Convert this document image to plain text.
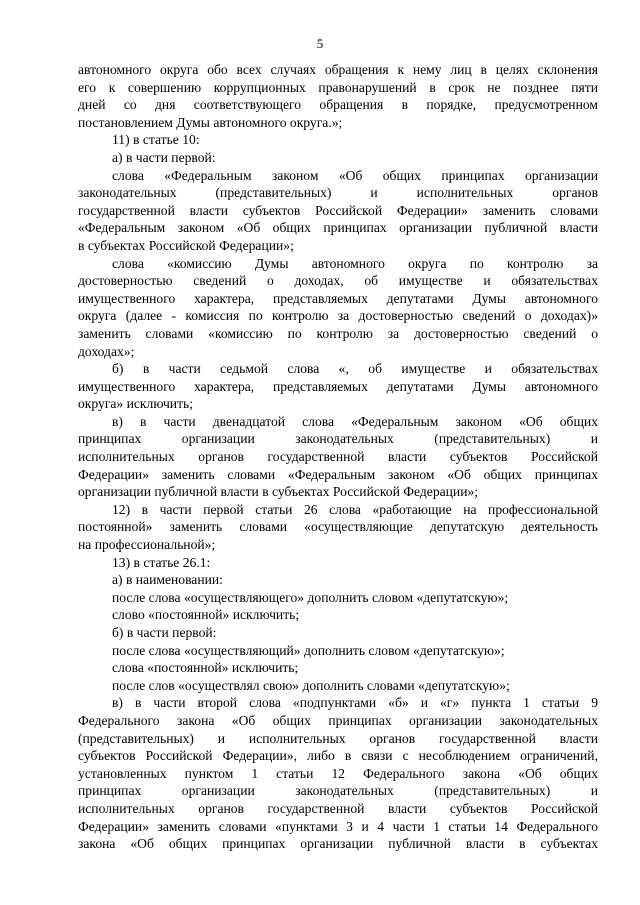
5
автономного округа обо всех случаях обращения к нему лиц в целях склонения
его к совершению коррупционных правонарушений в срок не позднее пяти
дней со дня соответствующего обращения в порядке, предусмотренном
постановлением Думы автономного округа.»;
11) в статье 10:
а) в части первой:
слова «Федеральным законом «Об общих принципах организации
законодательных (представительных) и исполнительных органов
государственной власти субъектов Российской Федерации» заменить словами
«Федеральным законом «Об общих принципах организации публичной власти
в субъектах Российской Федерации»;
слова «комиссию Думы автономного округа по контролю за
достоверностью сведений о доходах, об имуществе и обязательствах
имущественного характера, представляемых депутатами Думы автономного
округа (далее - комиссия по контролю за достоверностью сведений о доходах)»
заменить словами «комиссию по контролю за достоверностью сведений о
доходах»;
б) в части седьмой слова «, об имуществе и обязательствах
имущественного характера, представляемых депутатами Думы автономного
округа» исключить;
в) в части двенадцатой слова «Федеральным законом «Об общих
принципах организации законодательных (представительных) и
исполнительных органов государственной власти субъектов Российской
Федерации» заменить словами «Федеральным законом «Об общих принципах
организации публичной власти в субъектах Российской Федерации»;
12) в части первой статьи 26 слова «работающие на профессиональной
постоянной» заменить словами «осуществляющие депутатскую деятельность
на профессиональной»;
13) в статье 26.1:
а) в наименовании:
после слова «осуществляющего» дополнить словом «депутатскую»;
слово «постоянной» исключить;
б) в части первой:
после слова «осуществляющий» дополнить словом «депутатскую»;
слова «постоянной» исключить;
после слов «осуществлял свою» дополнить словами «депутатскую»;
в) в части второй слова «подпунктами «б» и «г» пункта 1 статьи 9
Федерального закона «Об общих принципах организации законодательных
(представительных) и исполнительных органов государственной власти
субъектов Российской Федерации», либо в связи с несоблюдением ограничений,
установленных пунктом 1 статьи 12 Федерального закона «Об общих
принципах организации законодательных (представительных) и
исполнительных органов государственной власти субъектов Российской
Федерации» заменить словами «пунктами 3 и 4 части 1 статьи 14 Федерального
закона «Об общих принципах организации публичной власти в субъектах
